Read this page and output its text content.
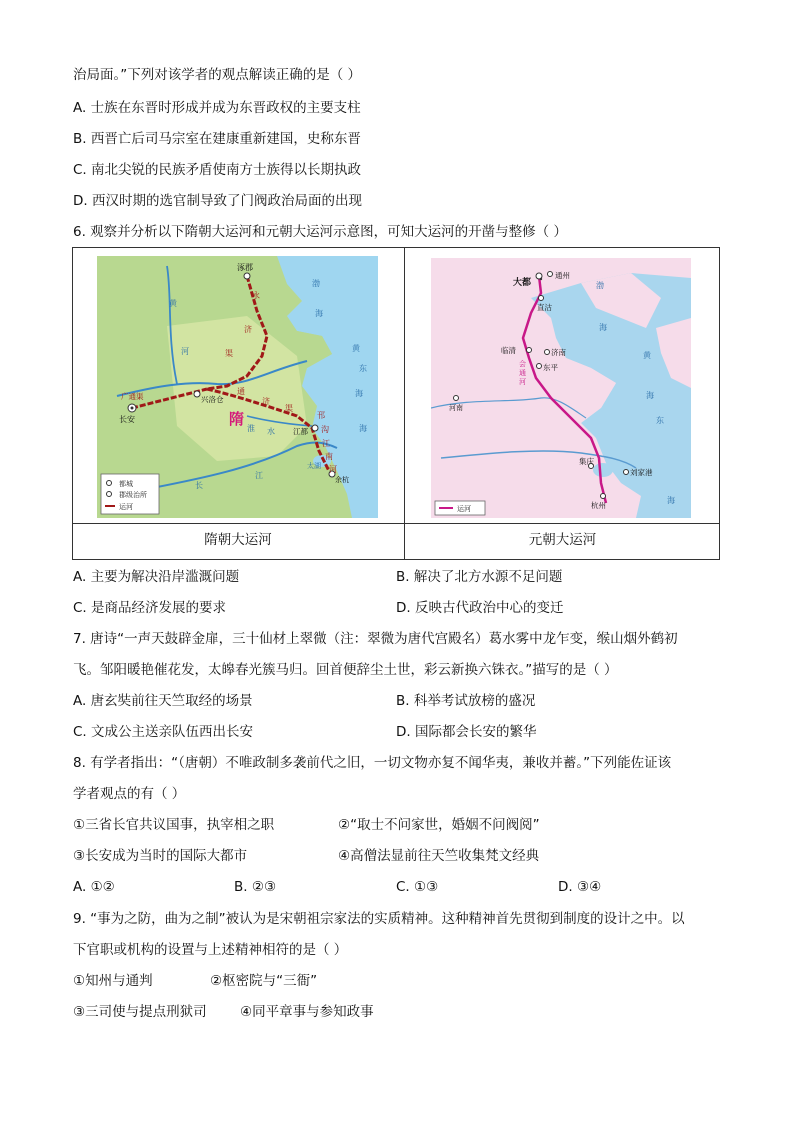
治局面。”下列对该学者的观点解读正确的是（ ）
A. 士族在东晋时形成并成为东晋政权的主要支柱
B. 西晋亡后司马宗室在建康重新建国，史称东晋
C. 南北尖锐的民族矛盾使南方士族得以长期执政
D. 西汉时期的选官制导致了门阀政治局面的出现
6. 观察并分析以下隋朝大运河和元朝大运河示意图，可知大运河的开凿与整修（ ）
都城
郡级治所
运河
涿郡
长安
兴洛仓
江都
余杭
隋
永
济
渠
广通渠
通
济
渠
邗
沟
江
南
河
黄
河
淮 水
长
江
渤
海
黄
海
东
海
太湖
运河
大都
通州
直沽
临清	济南
东平
河南
集庆
刘家港
杭州
会
通
河
渤
海
黄
海
东
海
隋朝大运河	元朝大运河
A. 主要为解决沿岸滥溉问题	B. 解决了北方水源不足问题
C. 是商品经济发展的要求	D. 反映古代政治中心的变迁
7. 唐诗“一声天鼓辟金扉，三十仙材上翠微（注：翠微为唐代宫殿名）葛水雾中龙乍变，缑山烟外鹤初
飞。邹阳暖艳催花发，太皞春光簇马归。回首便辞尘土世，彩云新换六铢衣。”描写的是（ ）
A. 唐玄奘前往天竺取经的场景	B. 科举考试放榜的盛况
C. 文成公主送亲队伍西出长安	D. 国际都会长安的繁华
8. 有学者指出：“（唐朝）不唯政制多袭前代之旧，一切文物亦复不闻华夷，兼收并蓄。”下列能佐证该
学者观点的有（ ）
①三省长官共议国事，执宰相之职	②“取士不问家世，婚姻不问阀阅”
③长安成为当时的国际大都市	④高僧法显前往天竺收集梵文经典
A. ①②	B. ②③	C. ①③	D. ③④
9. “事为之防，曲为之制”被认为是宋朝祖宗家法的实质精神。这种精神首先贯彻到制度的设计之中。以
下官职或机构的设置与上述精神相符的是（ ）
①知州与通判	②枢密院与“三衙”
③三司使与提点刑狱司 ④同平章事与参知政事
